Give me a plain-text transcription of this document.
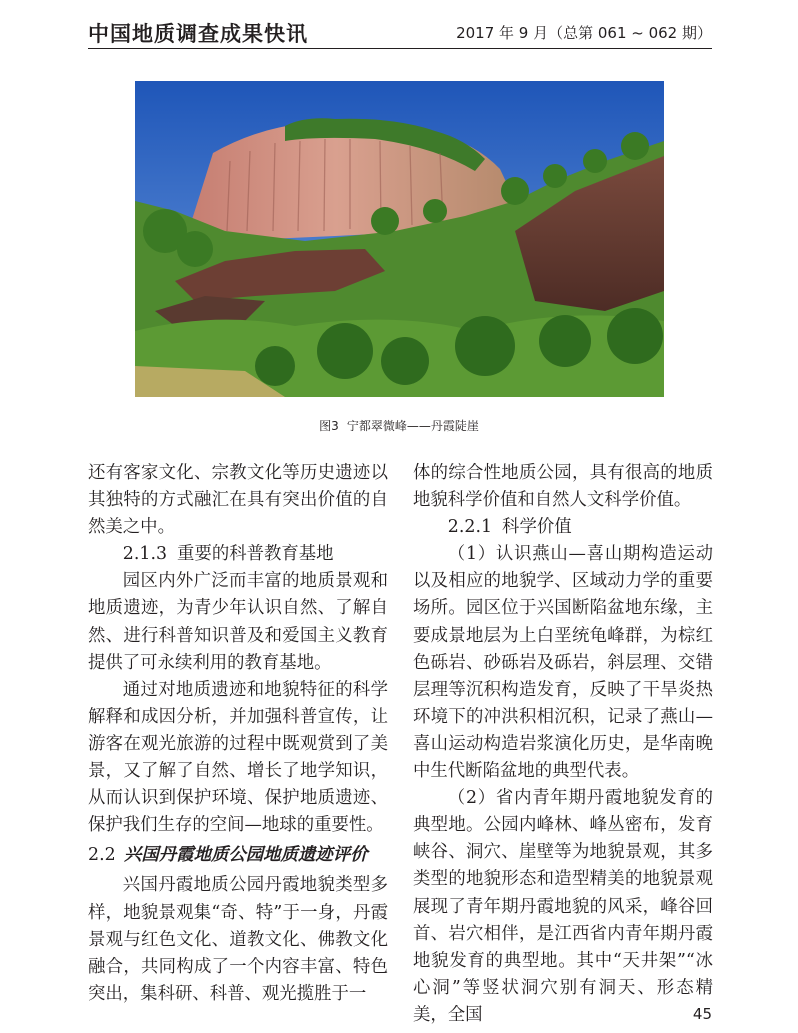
中国地质调查成果快讯	2017 年 9 月（总第 061 ~ 062 期）
图3 宁都翠微峰——丹霞陡崖

还有客家文化、宗教文化等历史遗迹以其独特的方式融汇在具有突出价值的自然美之中。

2.1.3 重要的科普教育基地

园区内外广泛而丰富的地质景观和地质遗迹，为青少年认识自然、了解自然、进行科普知识普及和爱国主义教育提供了可永续利用的教育基地。

通过对地质遗迹和地貌特征的科学解释和成因分析，并加强科普宣传，让游客在观光旅游的过程中既观赏到了美景，又了解了自然、增长了地学知识，从而认识到保护环境、保护地质遗迹、保护我们生存的空间—地球的重要性。

2.2 兴国丹霞地质公园地质遗迹评价

兴国丹霞地质公园丹霞地貌类型多样，地貌景观集“奇、特”于一身，丹霞景观与红色文化、道教文化、佛教文化融合，共同构成了一个内容丰富、特色突出，集科研、科普、观光揽胜于一

体的综合性地质公园，具有很高的地质地貌科学价值和自然人文科学价值。

2.2.1 科学价值

（1）认识燕山—喜山期构造运动以及相应的地貌学、区域动力学的重要场所。园区位于兴国断陷盆地东缘，主要成景地层为上白垩统龟峰群，为棕红色砾岩、砂砾岩及砾岩，斜层理、交错层理等沉积构造发育，反映了干旱炎热环境下的冲洪积相沉积，记录了燕山—喜山运动构造岩浆演化历史，是华南晚中生代断陷盆地的典型代表。

（2）省内青年期丹霞地貌发育的典型地。公园内峰林、峰丛密布，发育峡谷、洞穴、崖壁等为地貌景观，其多类型的地貌形态和造型精美的地貌景观展现了青年期丹霞地貌的风采，峰谷回首、岩穴相伴，是江西省内青年期丹霞地貌发育的典型地。其中“天井架”“冰心洞”等竖状洞穴别有洞天、形态精美，全国	45
